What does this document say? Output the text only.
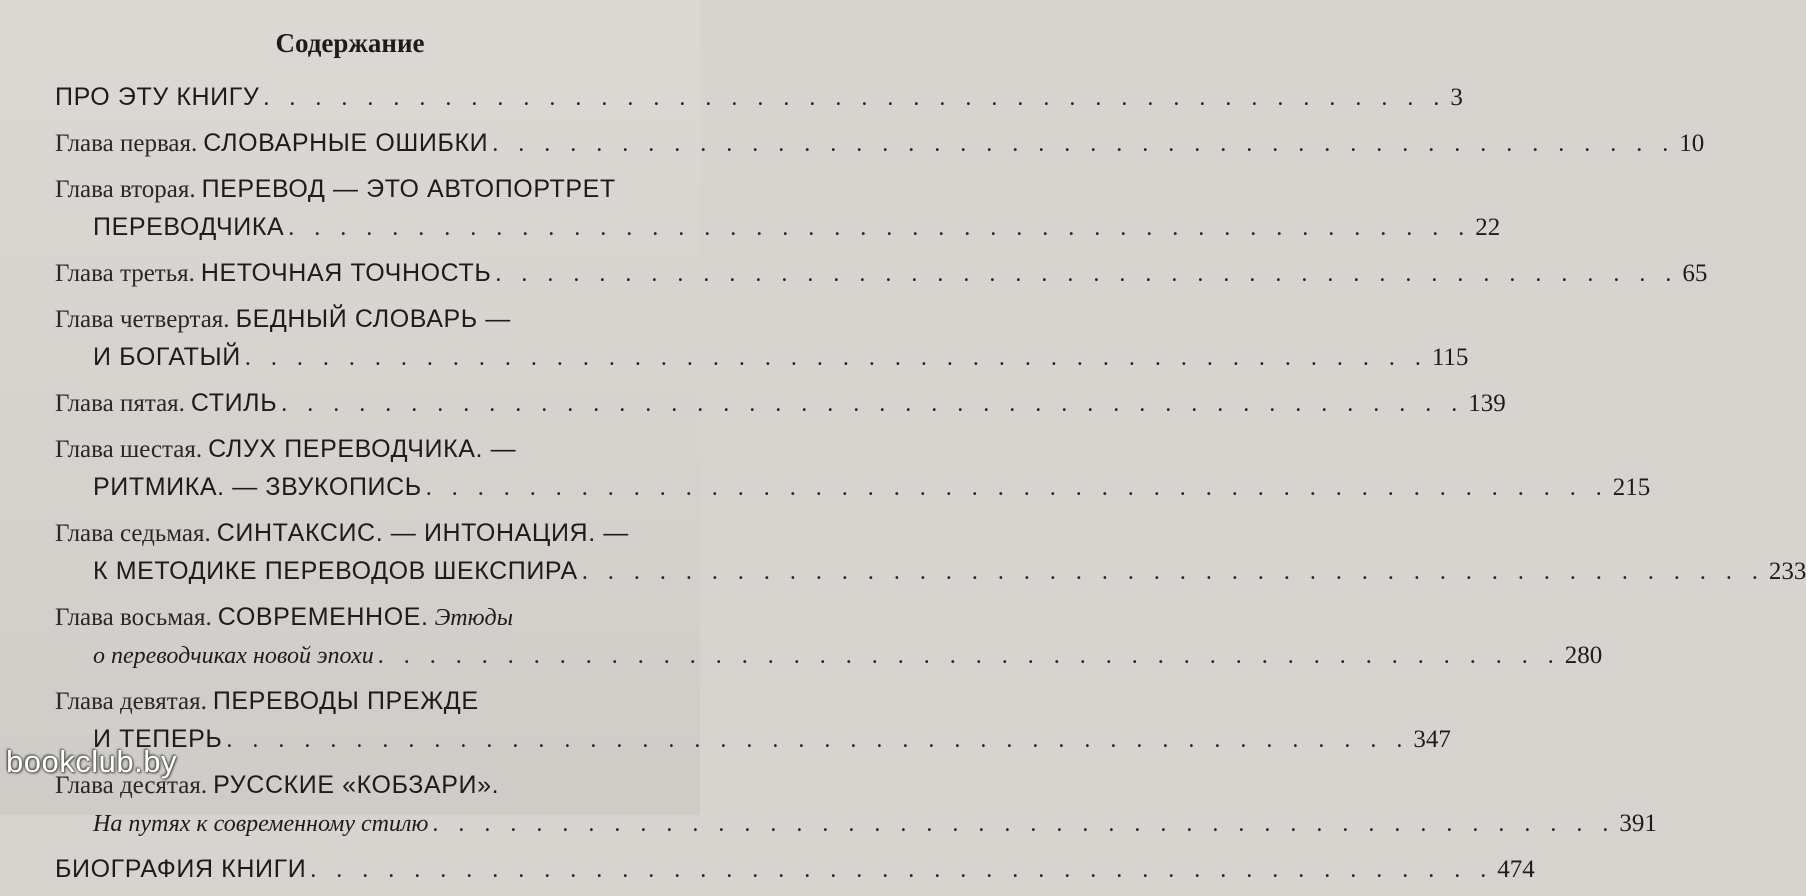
Содержание
ПРО ЭТУ КНИГУ . . . . . . . . . . . . . . . . . . . . . . . . . . . . . . . . . . . . . . . . . . . . . . 3
Глава первая. СЛОВАРНЫЕ ОШИБКИ . . . . . . . . . . . . . . . . . . . . . . . . . . . . . . . . . . . . . . . . . . . . . . 10
Глава вторая. ПЕРЕВОД — ЭТО АВТОПОРТРЕТ
ПЕРЕВОДЧИКА . . . . . . . . . . . . . . . . . . . . . . . . . . . . . . . . . . . . . . . . . . . . . . 22
Глава третья. НЕТОЧНАЯ ТОЧНОСТЬ . . . . . . . . . . . . . . . . . . . . . . . . . . . . . . . . . . . . . . . . . . . . . . 65
Глава четвертая. БЕДНЫЙ СЛОВАРЬ —
И БОГАТЫЙ . . . . . . . . . . . . . . . . . . . . . . . . . . . . . . . . . . . . . . . . . . . . . . 115
Глава пятая. СТИЛЬ . . . . . . . . . . . . . . . . . . . . . . . . . . . . . . . . . . . . . . . . . . . . . . 139
Глава шестая. СЛУХ ПЕРЕВОДЧИКА. —
РИТМИКА. — ЗВУКОПИСЬ . . . . . . . . . . . . . . . . . . . . . . . . . . . . . . . . . . . . . . . . . . . . . . 215
Глава седьмая. СИНТАКСИС. — ИНТОНАЦИЯ. —
К МЕТОДИКЕ ПЕРЕВОДОВ ШЕКСПИРА . . . . . . . . . . . . . . . . . . . . . . . . . . . . . . . . . . . . . . . . . . . . . . 233
Глава восьмая. СОВРЕМЕННОЕ. Этюды
о переводчиках новой эпохи . . . . . . . . . . . . . . . . . . . . . . . . . . . . . . . . . . . . . . . . . . . . . . 280
Глава девятая. ПЕРЕВОДЫ ПРЕЖДЕ
И ТЕПЕРЬ . . . . . . . . . . . . . . . . . . . . . . . . . . . . . . . . . . . . . . . . . . . . . . 347
Глава десятая. РУССКИЕ «КОБЗАРИ».
На путях к современному стилю . . . . . . . . . . . . . . . . . . . . . . . . . . . . . . . . . . . . . . . . . . . . . . 391
БИОГРАФИЯ КНИГИ . . . . . . . . . . . . . . . . . . . . . . . . . . . . . . . . . . . . . . . . . . . . . . 474
bookclub.by
